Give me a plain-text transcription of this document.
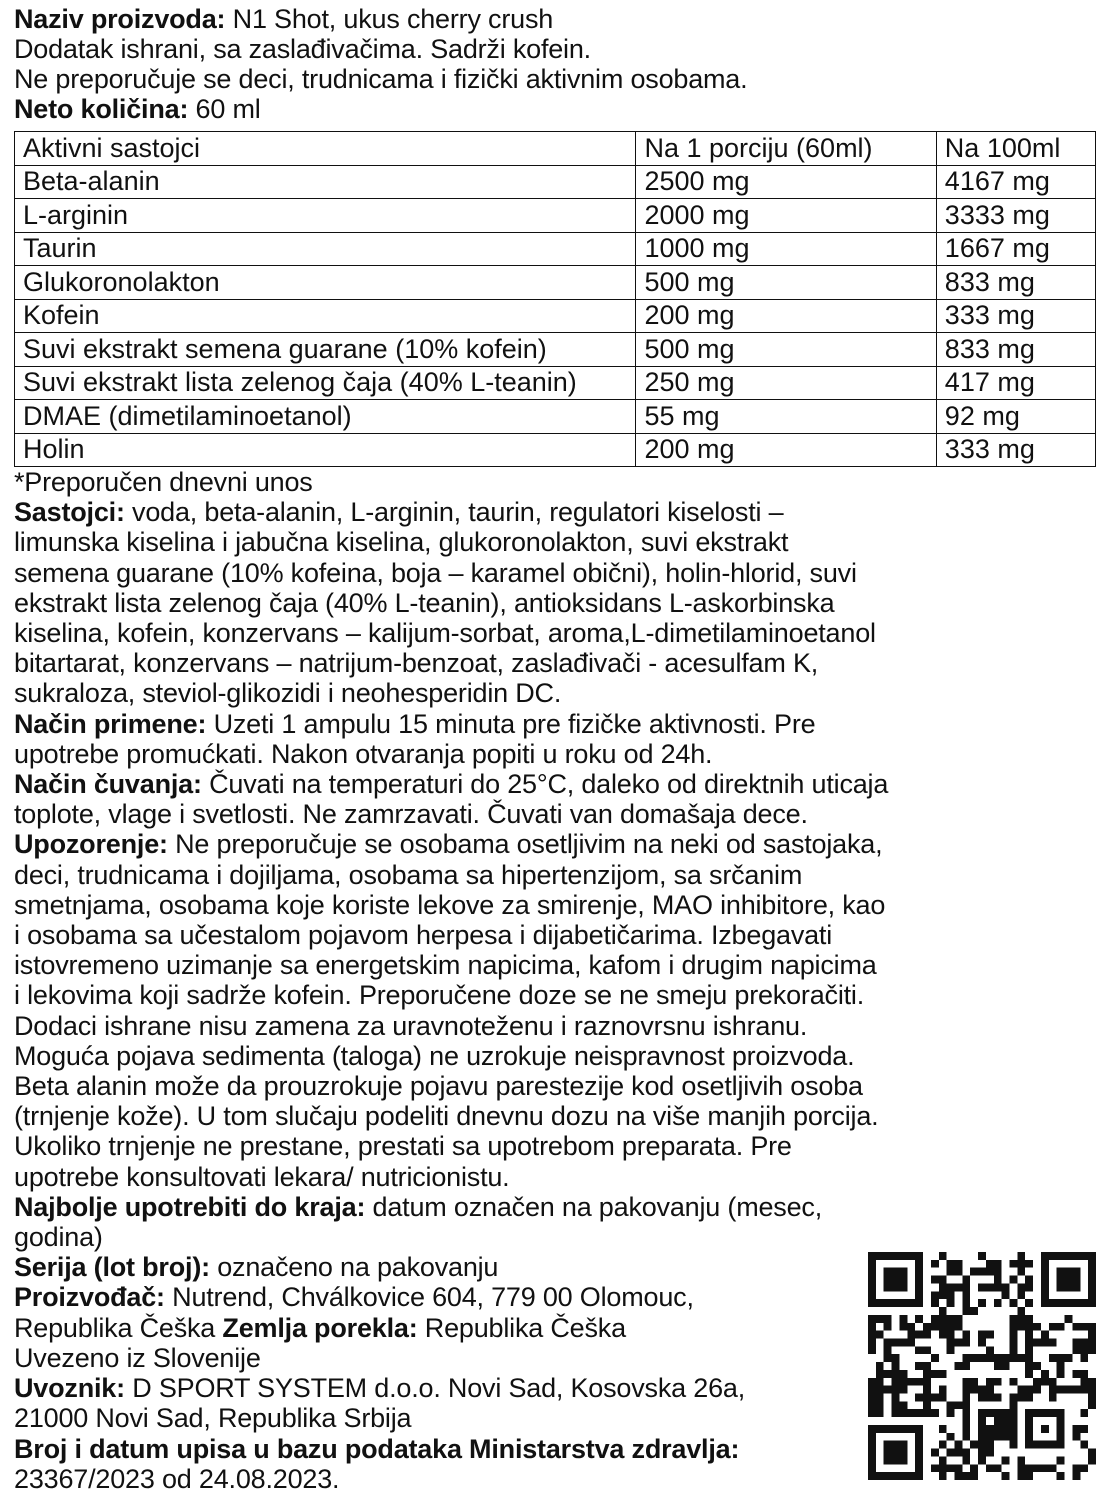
Naziv proizvoda: N1 Shot, ukus cherry crush
Dodatak ishrani, sa zaslađivačima. Sadrži kofein.
Ne preporučuje se deci, trudnicama i fizički aktivnim osobama.
Neto količina: 60 ml
Aktivni sastojci	Na 1 porciju (60ml)	Na 100ml
Beta-alanin	2500 mg	4167 mg
L-arginin	2000 mg	3333 mg
Taurin	1000 mg	1667 mg
Glukoronolakton	500 mg	833 mg
Kofein	200 mg	333 mg
Suvi ekstrakt semena guarane (10% kofein)	500 mg	833 mg
Suvi ekstrakt lista zelenog čaja (40% L-teanin)	250 mg	417 mg
DMAE (dimetilaminoetanol)	55 mg	92 mg
Holin	200 mg	333 mg
*Preporučen dnevni unos
Sastojci: voda, beta-alanin, L-arginin, taurin, regulatori kiselosti –
limunska kiselina i jabučna kiselina, glukoronolakton, suvi ekstrakt
semena guarane (10% kofeina, boja – karamel obični), holin-hlorid, suvi
ekstrakt lista zelenog čaja (40% L-teanin), antioksidans L-askorbinska
kiselina, kofein, konzervans – kalijum-sorbat, aroma,L-dimetilaminoetanol
bitartarat, konzervans – natrijum-benzoat, zaslađivači - acesulfam K,
sukraloza, steviol-glikozidi i neohesperidin DC.
Način primene: Uzeti 1 ampulu 15 minuta pre fizičke aktivnosti. Pre
upotrebe promućkati. Nakon otvaranja popiti u roku od 24h.
Način čuvanja: Čuvati na temperaturi do 25°C, daleko od direktnih uticaja
toplote, vlage i svetlosti. Ne zamrzavati. Čuvati van domašaja dece.
Upozorenje: Ne preporučuje se osobama osetljivim na neki od sastojaka,
deci, trudnicama i dojiljama, osobama sa hipertenzijom, sa srčanim
smetnjama, osobama koje koriste lekove za smirenje, MAO inhibitore, kao
i osobama sa učestalom pojavom herpesa i dijabetičarima. Izbegavati
istovremeno uzimanje sa energetskim napicima, kafom i drugim napicima
i lekovima koji sadrže kofein. Preporučene doze se ne smeju prekoračiti.
Dodaci ishrane nisu zamena za uravnoteženu i raznovrsnu ishranu.
Moguća pojava sedimenta (taloga) ne uzrokuje neispravnost proizvoda.
Beta alanin može da prouzrokuje pojavu parestezije kod osetljivih osoba
(trnjenje kože). U tom slučaju podeliti dnevnu dozu na više manjih porcija.
Ukoliko trnjenje ne prestane, prestati sa upotrebom preparata. Pre
upotrebe konsultovati lekara/ nutricionistu.
Najbolje upotrebiti do kraja: datum označen na pakovanju (mesec,
godina)
Serija (lot broj): označeno na pakovanju
Proizvođač: Nutrend, Chválkovice 604, 779 00 Olomouc,
Republika Češka Zemlja porekla: Republika Češka
Uvezeno iz Slovenije
Uvoznik: D SPORT SYSTEM d.o.o. Novi Sad, Kosovska 26a,
21000 Novi Sad, Republika Srbija
Broj i datum upisa u bazu podataka Ministarstva zdravlja:
23367/2023 od 24.08.2023.
